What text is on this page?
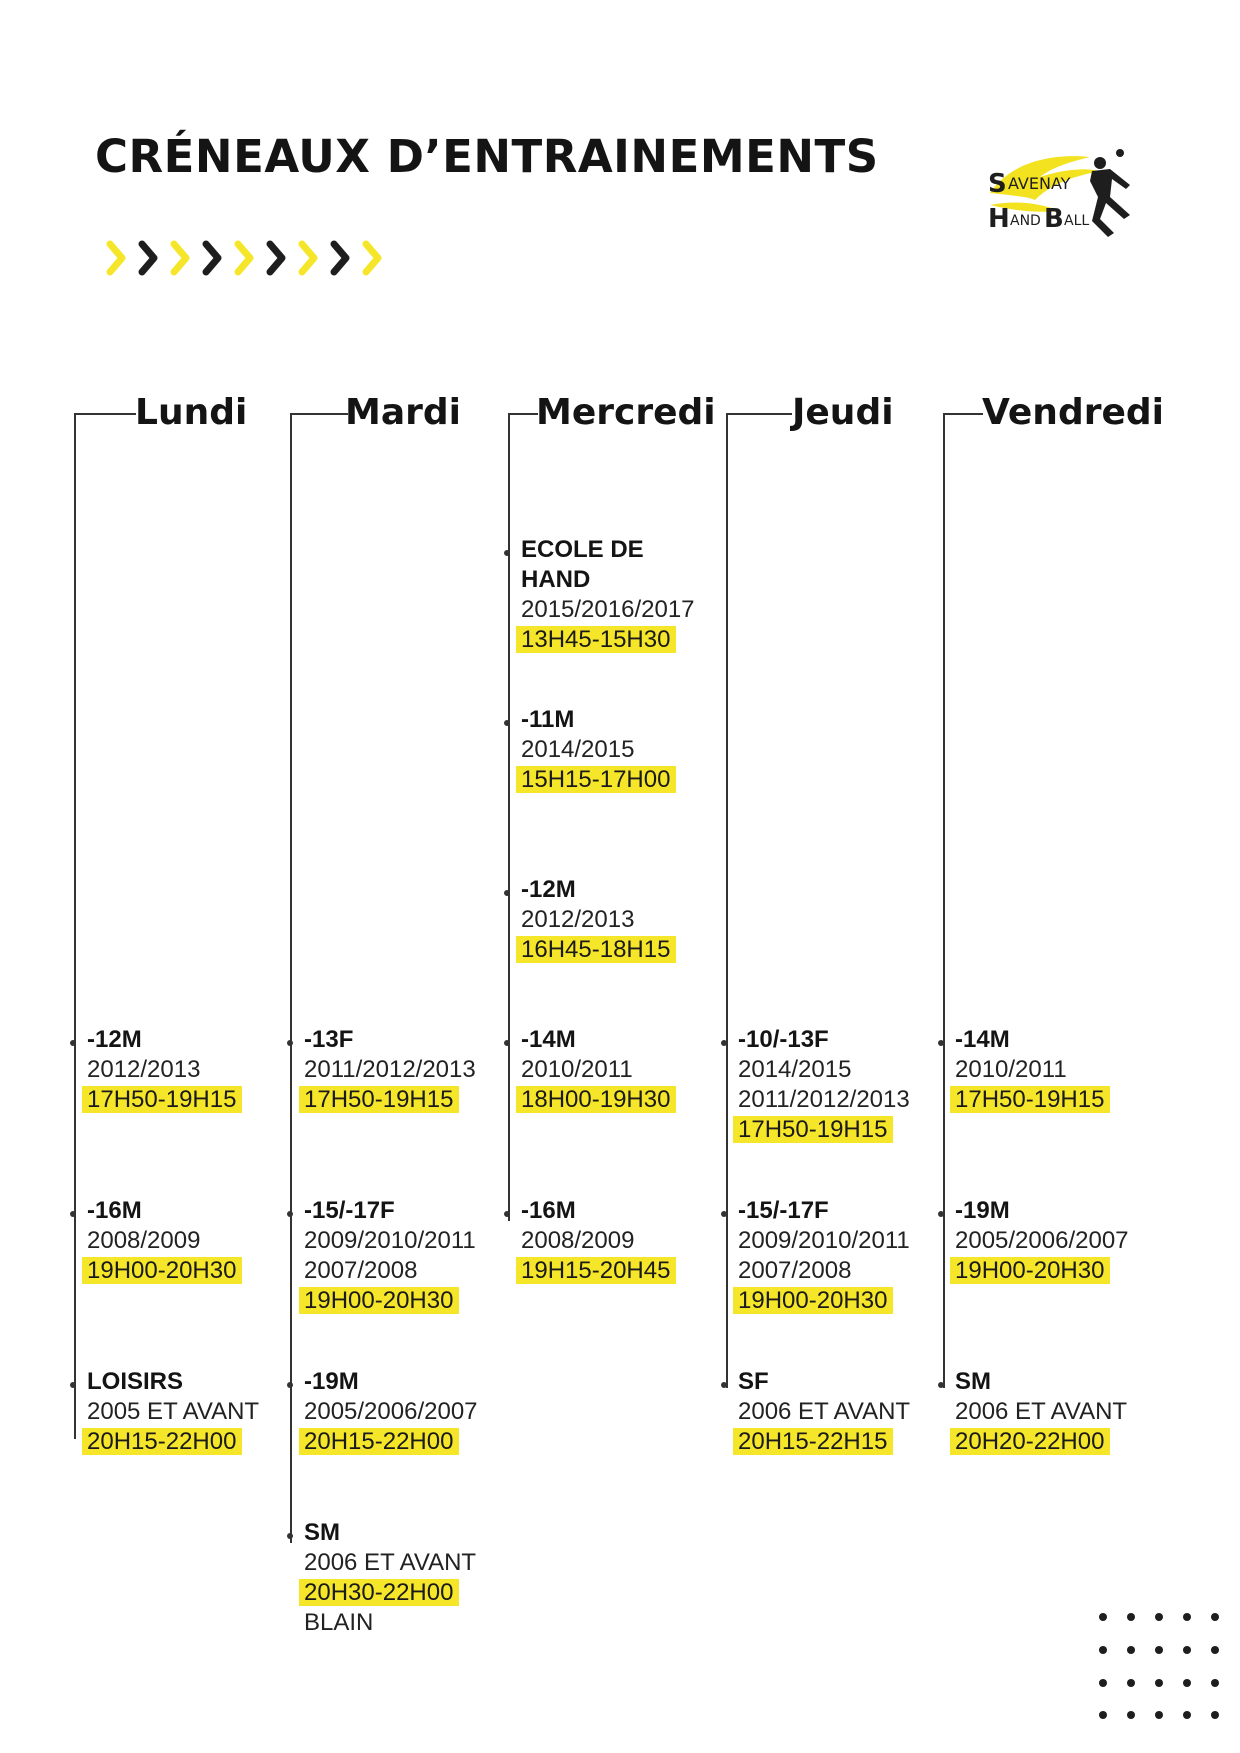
CRÉNEAUX D’ENTRAINEMENTS
S AVENAY
H AND B ALL
Lundi
-12M
2012/2013
17H50-19H15
-16M
2008/2009
19H00-20H30
LOISIRS
2005 ET AVANT
20H15-22H00
Mardi
-13F
2011/2012/2013
17H50-19H15
-15/-17F
2009/2010/2011
2007/2008
19H00-20H30
-19M
2005/2006/2007
20H15-22H00
SM
2006 ET AVANT
20H30-22H00
BLAIN
Mercredi
ECOLE DE
HAND
2015/2016/2017
13H45-15H30
-11M
2014/2015
15H15-17H00
-12M
2012/2013
16H45-18H15
-14M
2010/2011
18H00-19H30
-16M
2008/2009
19H15-20H45
Jeudi
-10/-13F
2014/2015
2011/2012/2013
17H50-19H15
-15/-17F
2009/2010/2011
2007/2008
19H00-20H30
SF
2006 ET AVANT
20H15-22H15
Vendredi
-14M
2010/2011
17H50-19H15
-19M
2005/2006/2007
19H00-20H30
SM
2006 ET AVANT
20H20-22H00
